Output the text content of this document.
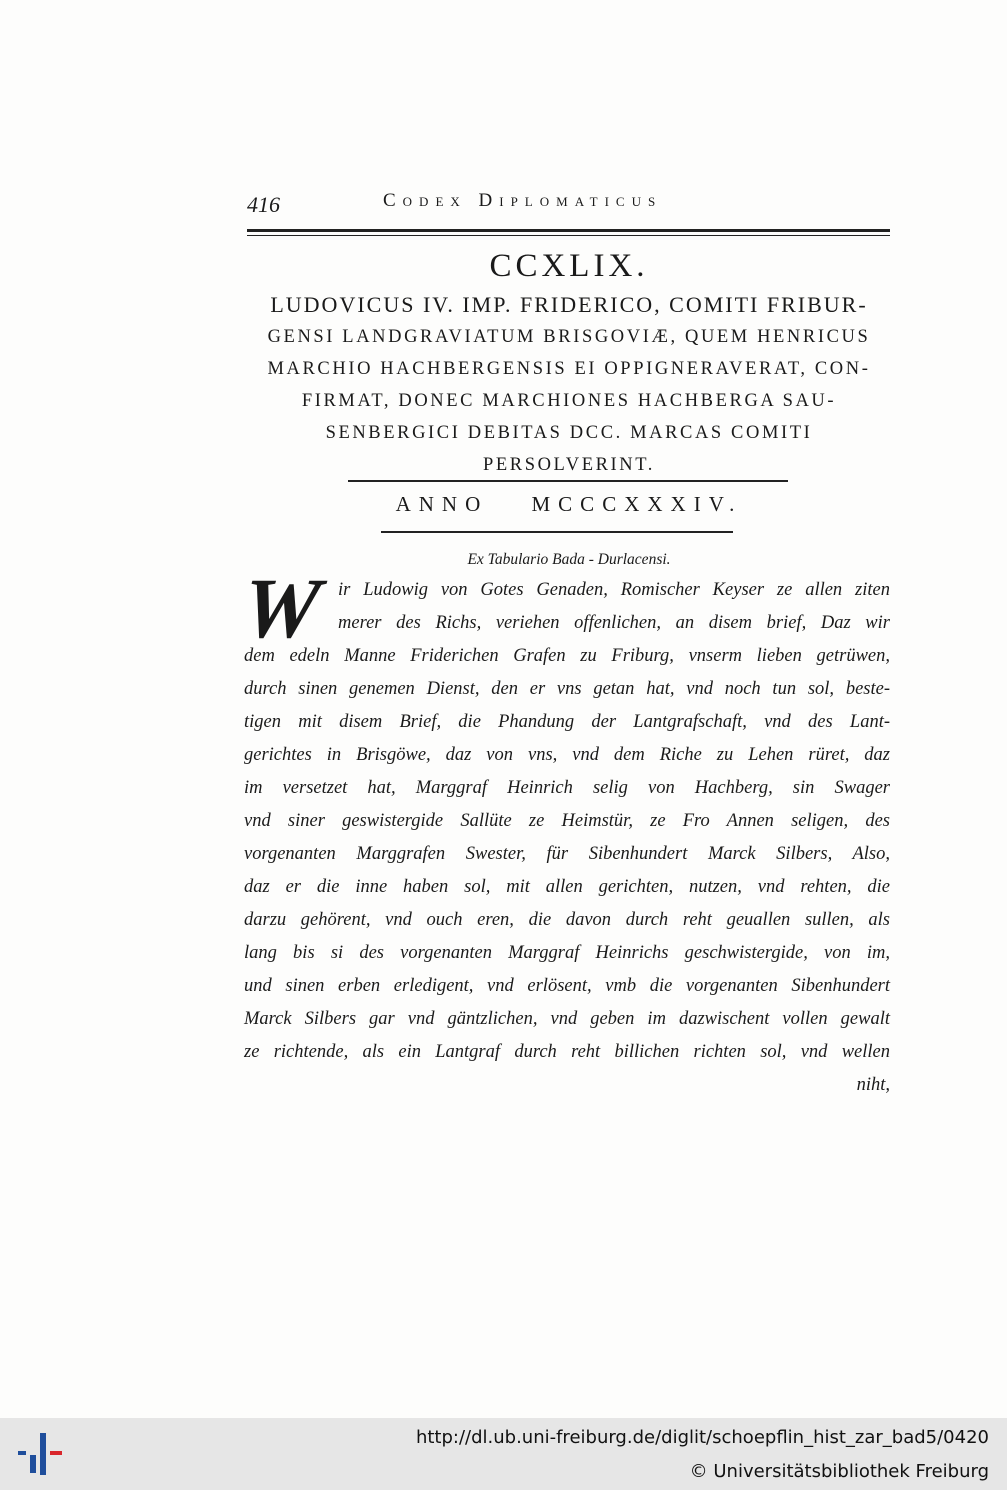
416	Codex Diplomaticus
CCXLIX.
LUDOVICUS IV. IMP. FRIDERICO, COMITI FRIBUR-
GENSI LANDGRAVIATUM BRISGOVIÆ, QUEM HENRICUS
MARCHIO HACHBERGENSIS EI OPPIGNERAVERAT, CON-
FIRMAT, DONEC MARCHIONES HACHBERGA SAU-
SENBERGICI DEBITAS DCC. MARCAS COMITI
PERSOLVERINT.
ANNO MCCCXXXIV.
Ex Tabulario Bada - Durlacensi.
W ir Ludowig von Gotes Genaden, Romischer Keyser ze allen ziten
merer des Richs, veriehen offenlichen, an disem brief, Daz wir
dem edeln Manne Friderichen Grafen zu Friburg, vnserm lieben getrüwen,
durch sinen genemen Dienst, den er vns getan hat, vnd noch tun sol, beste-
tigen mit disem Brief, die Phandung der Lantgrafschaft, vnd des Lant-
gerichtes in Brisgöwe, daz von vns, vnd dem Riche zu Lehen rüret, daz
im versetzet hat, Marggraf Heinrich selig von Hachberg, sin Swager
vnd siner geswistergide Sallüte ze Heimstür, ze Fro Annen seligen, des
vorgenanten Marggrafen Swester, für Sibenhundert Marck Silbers, Also,
daz er die inne haben sol, mit allen gerichten, nutzen, vnd rehten, die
darzu gehörent, vnd ouch eren, die davon durch reht geuallen sullen, als
lang bis si des vorgenanten Marggraf Heinrichs geschwistergide, von im,
und sinen erben erledigent, vnd erlösent, vmb die vorgenanten Sibenhundert
Marck Silbers gar vnd gäntzlichen, vnd geben im dazwischent vollen gewalt
ze richtende, als ein Lantgraf durch reht billichen richten sol, vnd wellen
niht,
http://dl.ub.uni-freiburg.de/diglit/schoepflin_hist_zar_bad5/0420
© Universitätsbibliothek Freiburg
